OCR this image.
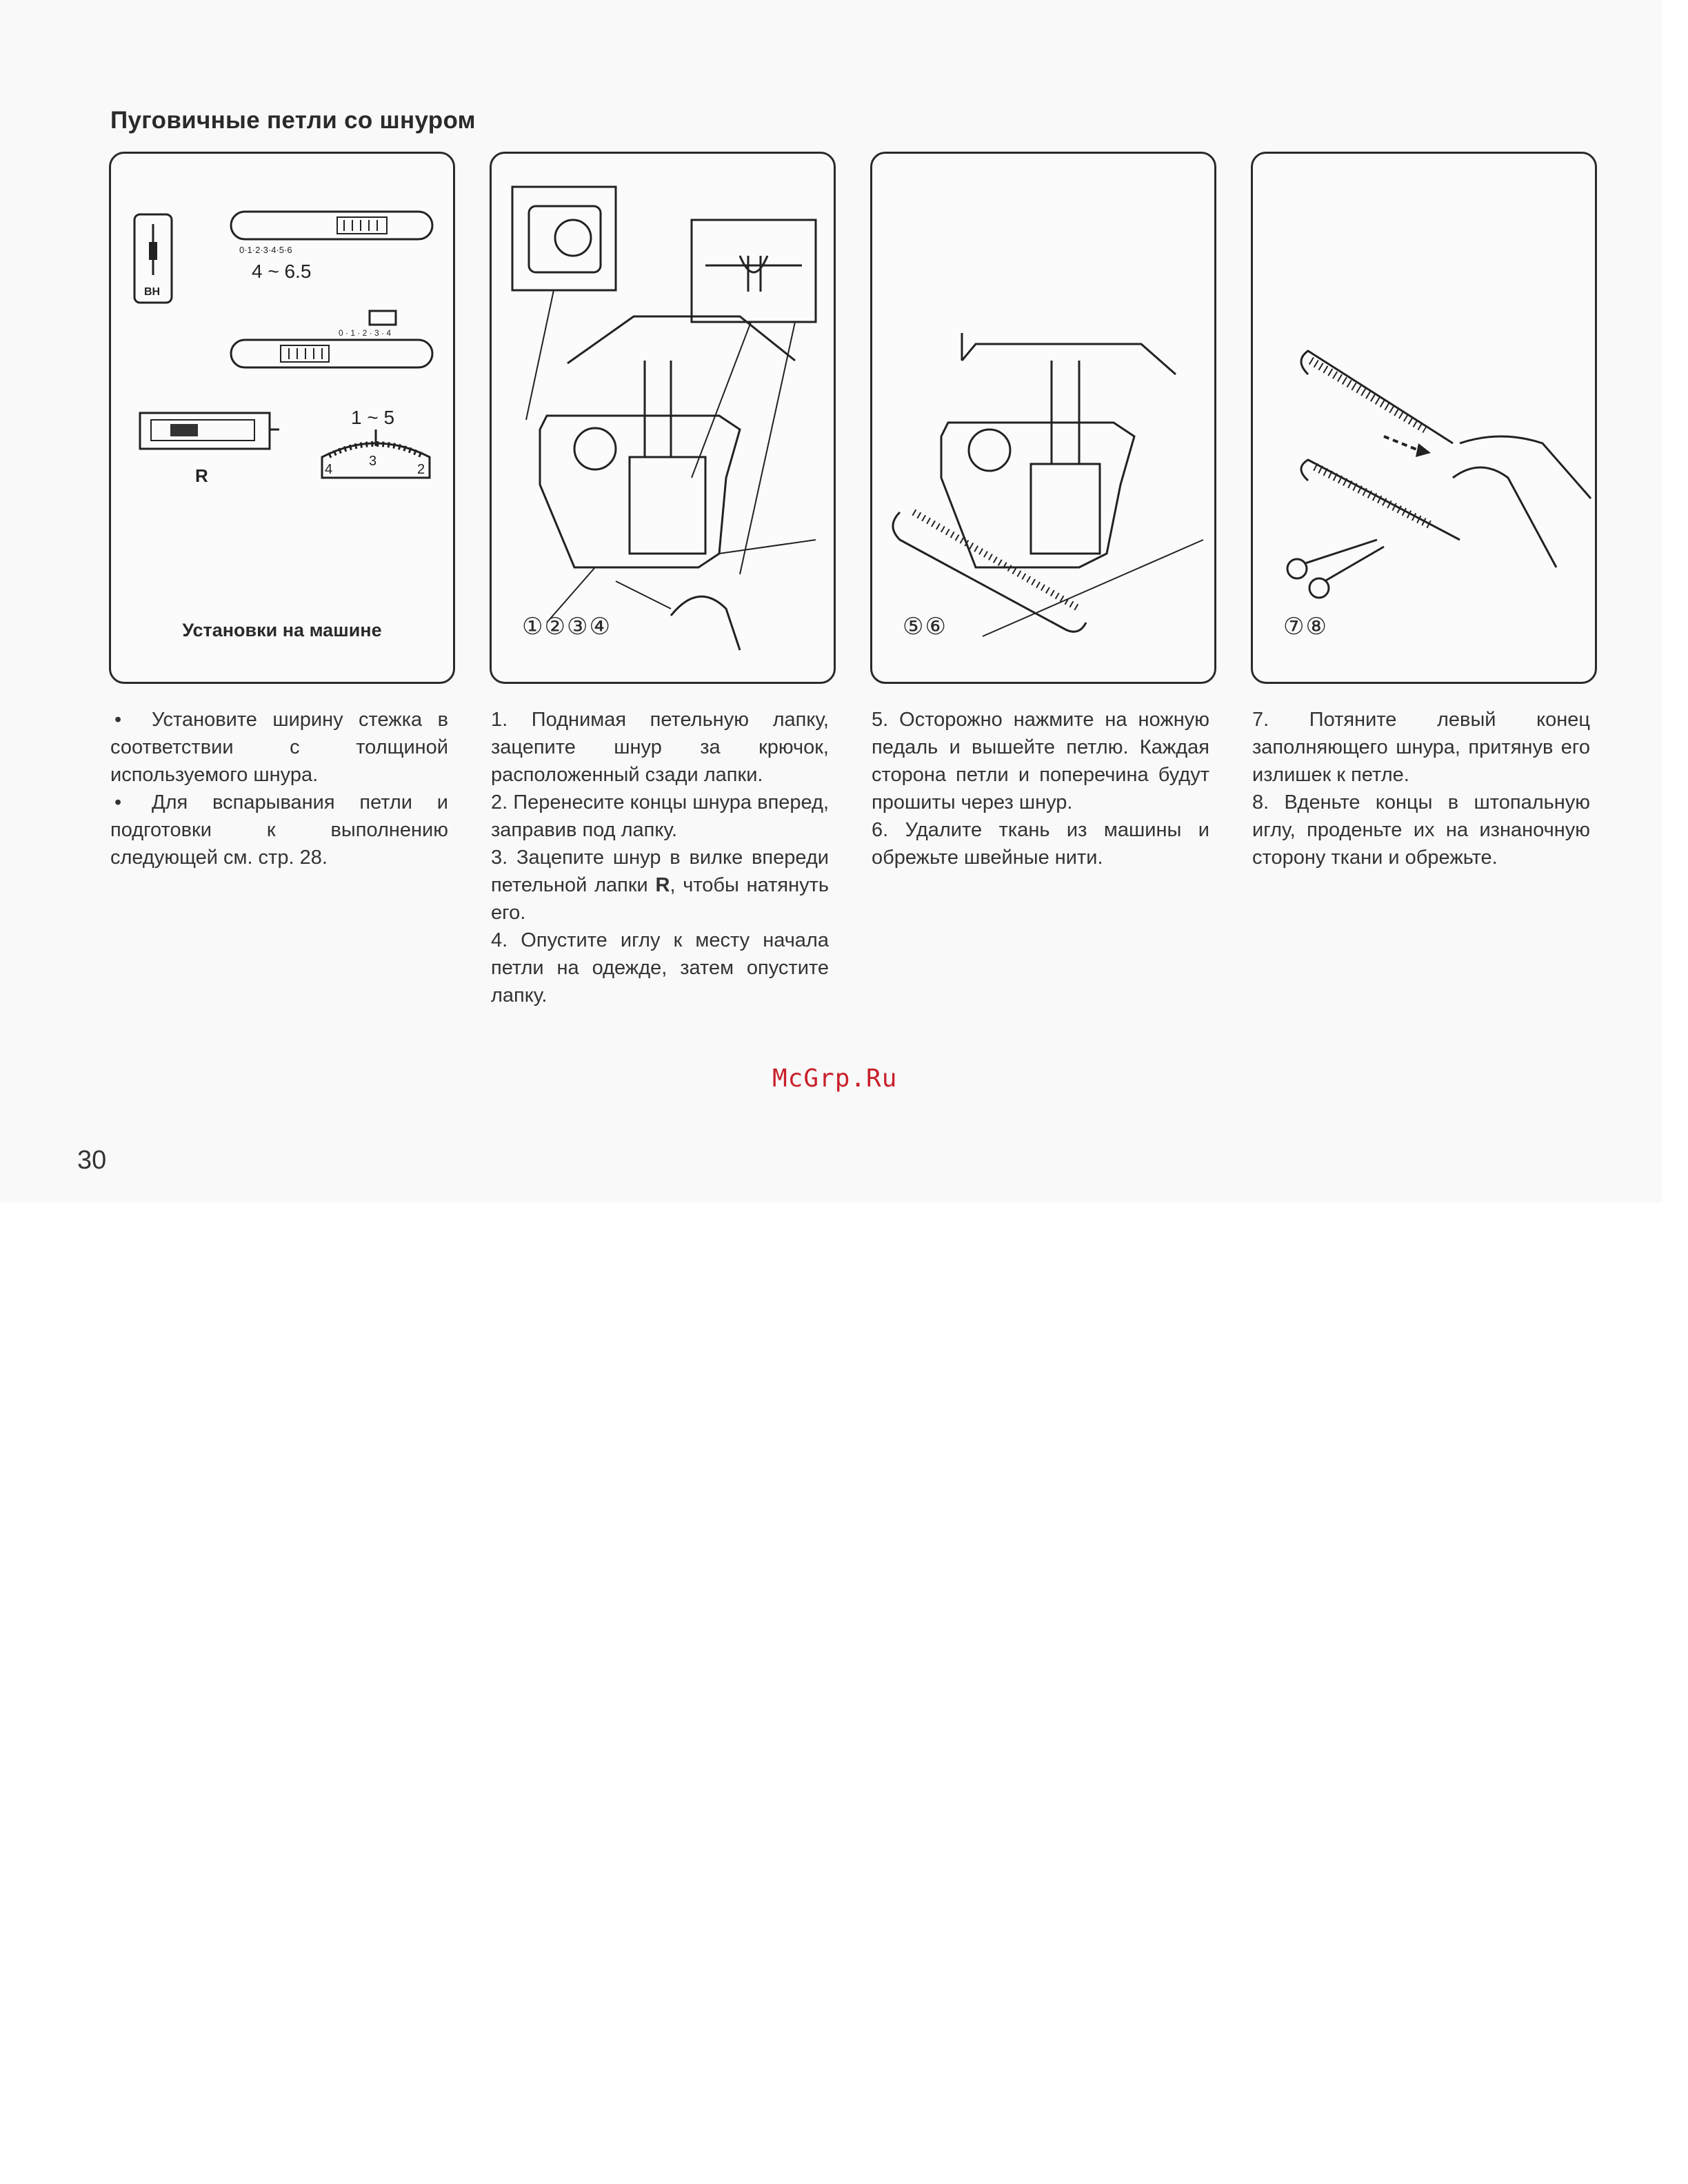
Пуговичные петли со шнуром
BH
0·1·2·3·4·5·6
4 ~ 6.5
0 · 1 · 2 · 3 · 4
R
1 ~ 5
4
3
2
Установки на машине	①②③④	⑤⑥	⑦⑧

• Установите ширину стежка в соответствии с толщиной используемого шнура.

• Для вспарывания петли и подготовки к выполнению следующей см. стр. 28.

1. Поднимая петельную лапку, зацепите шнур за крючок, расположенный сзади лапки.

2. Перенесите концы шнура вперед, заправив под лапку.

3. Зацепите шнур в вилке впереди петельной лапки R, чтобы натянуть его.

4. Опустите иглу к месту начала петли на одежде, затем опустите лапку.

5. Осторожно нажмите на ножную педаль и вышейте петлю. Каждая сторона петли и поперечина будут прошиты через шнур.

6. Удалите ткань из машины и обрежьте швейные нити.

7. Потяните левый конец заполняющего шнура, притянув его излишек к петле.

8. Вденьте концы в штопальную иглу, проденьте их на изнаночную сторону ткани и обрежьте.

McGrp.Ru
30
